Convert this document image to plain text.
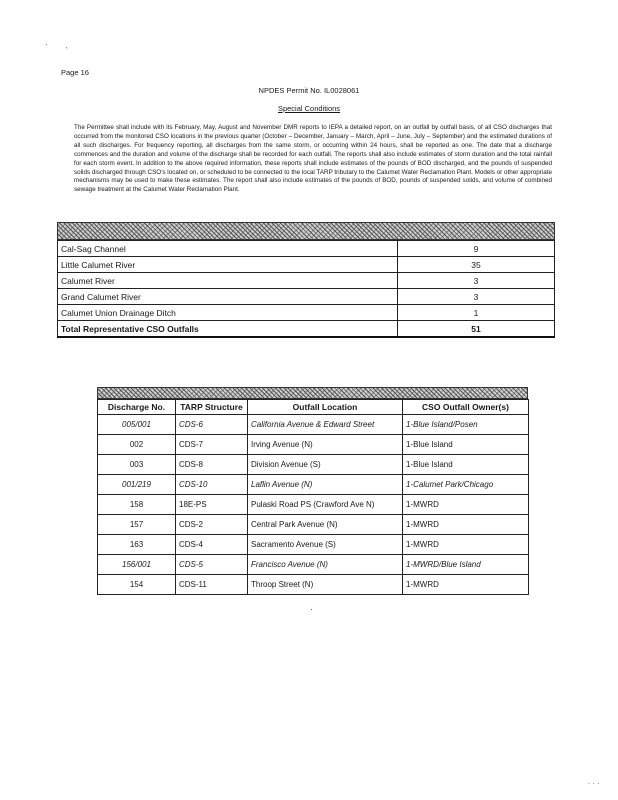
·        ˎ
Page 16
NPDES Permit No. IL0028061
Special Conditions

The Permittee shall include with its February, May, August and November DMR reports to IEPA a detailed report, on an outfall by outfall basis, of all CSO discharges that occurred from the monitored CSO locations in the previous quarter (October – December, January – March, April – June, July – September) and the estimated durations of all such discharges. For frequency reporting, all discharges from the same storm, or occurring within 24 hours, shall be reported as one. The date that a discharge commences and the duration and volume of the discharge shall be recorded for each outfall. The reports shall also include estimates of storm duration and the total rainfall for each storm event. In addition to the above required information, these reports shall include estimates of the pounds of BOD discharged, and the pounds of suspended solids discharged through CSO's located on, or scheduled to be connected to the local TARP tributary to the Calumet Water Reclamation Plant. Models or other appropriate mechanisms may be used to make these estimates. The report shall also include estimates of the pounds of BOD, pounds of suspended solids, and volume of combined sewage treatment at the Calumet Water Reclamation Plant.

Cal-Sag Channel	9
Little Calumet River	35
Calumet River	3
Grand Calumet River	3
Calumet Union Drainage Ditch	1
Total Representative CSO Outfalls	51
Discharge No.	TARP Structure	Outfall Location	CSO Outfall Owner(s)
005/001	CDS-6	California Avenue & Edward Street	1-Blue Island/Posen
002	CDS-7	Irving Avenue (N)	1-Blue Island
003	CDS-8	Division Avenue (S)	1-Blue Island
001/219	CDS-10	Laflin Avenue (N)	1-Calumet Park/Chicago
158	18E-PS	Pulaski Road PS (Crawford Ave N)	1-MWRD
157	CDS-2	Central Park Avenue (N)	1-MWRD
163	CDS-4	Sacramento Avenue (S)	1-MWRD
156/001	CDS-5	Francisco Avenue (N)	1-MWRD/Blue Island
154	CDS-11	Throop Street (N)	1-MWRD
·
˙ ˙ ˙
